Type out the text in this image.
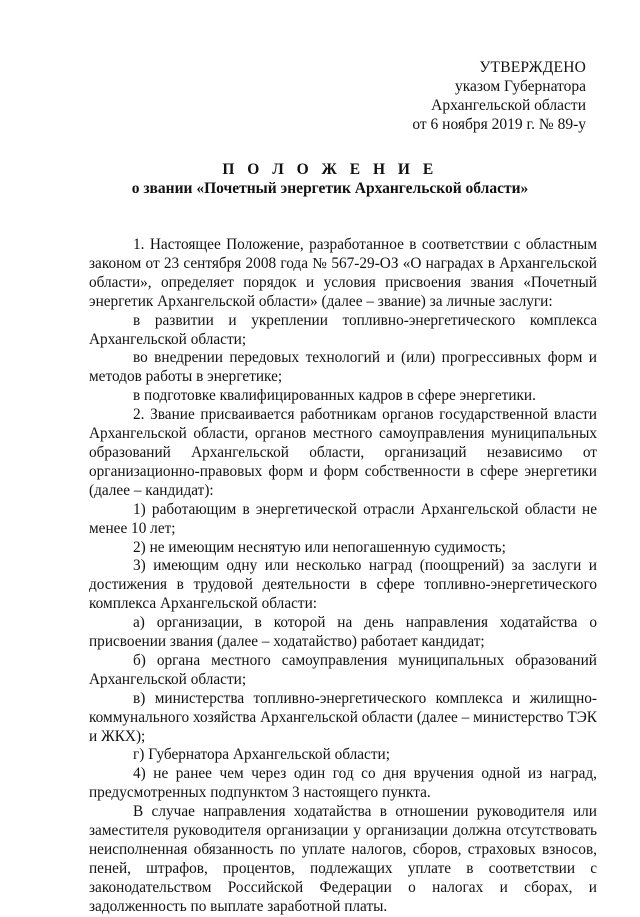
УТВЕРЖДЕНО
указом Губернатора
Архангельской области
от 6 ноября 2019 г. № 89-у
П О Л О Ж Е Н И Е
о звании «Почетный энергетик Архангельской области»

1. Настоящее Положение, разработанное в соответствии с областным законом от 23 сентября 2008 года № 567-29-ОЗ «О наградах в Архангельской области», определяет порядок и условия присвоения звания «Почетный энергетик Архангельской области» (далее – звание) за личные заслуги:

в развитии и укреплении топливно-энергетического комплекса Архангельской области;

во внедрении передовых технологий и (или) прогрессивных форм и методов работы в энергетике;

в подготовке квалифицированных кадров в сфере энергетики.

2. Звание присваивается работникам органов государственной власти Архангельской области, органов местного самоуправления муниципальных образований Архангельской области, организаций независимо от организационно-правовых форм и форм собственности в сфере энергетики (далее – кандидат):

1) работающим в энергетической отрасли Архангельской области не менее 10 лет;

2) не имеющим неснятую или непогашенную судимость;

3) имеющим одну или несколько наград (поощрений) за заслуги и достижения в трудовой деятельности в сфере топливно-энергетического комплекса Архангельской области:

а) организации, в которой на день направления ходатайства о присвоении звания (далее – ходатайство) работает кандидат;

б) органа местного самоуправления муниципальных образований Архангельской области;

в) министерства топливно-энергетического комплекса и жилищно-коммунального хозяйства Архангельской области (далее – министерство ТЭК и ЖКХ);

г) Губернатора Архангельской области;

4) не ранее чем через один год со дня вручения одной из наград, предусмотренных подпунктом 3 настоящего пункта.

В случае направления ходатайства в отношении руководителя или заместителя руководителя организации у организации должна отсутствовать неисполненная обязанность по уплате налогов, сборов, страховых взносов, пеней, штрафов, процентов, подлежащих уплате в соответствии с законодательством Российской Федерации о налогах и сборах, и задолженность по выплате заработной платы.
